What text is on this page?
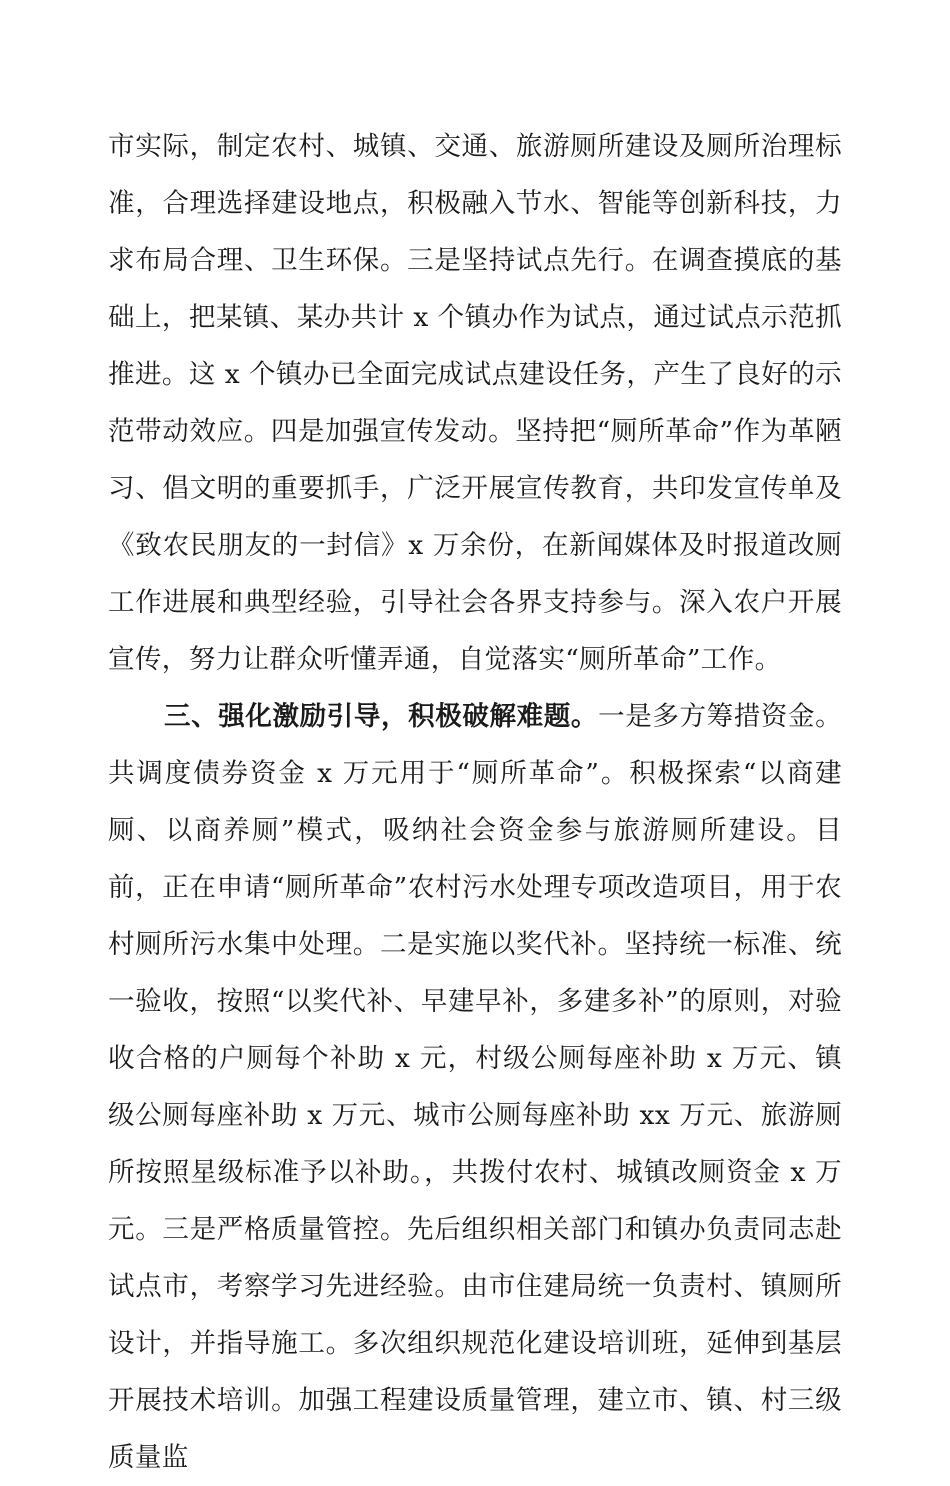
市实际，制定农村、城镇、交通、旅游厕所建设及厕所治理标准，合理选择建设地点，积极融入节水、智能等创新科技，力求布局合理、卫生环保。三是坚持试点先行。在调查摸底的基础上，把某镇、某办共计 x 个镇办作为试点，通过试点示范抓推进。这 x 个镇办已全面完成试点建设任务，产生了良好的示范带动效应。四是加强宣传发动。坚持把“厕所革命”作为革陋习、倡文明的重要抓手，广泛开展宣传教育，共印发宣传单及《致农民朋友的一封信》x 万余份，在新闻媒体及时报道改厕工作进展和典型经验，引导社会各界支持参与。深入农户开展宣传，努力让群众听懂弄通，自觉落实“厕所革命”工作。

三、强化激励引导，积极破解难题。一是多方筹措资金。共调度债券资金 x 万元用于“厕所革命”。积极探索“以商建厕、以商养厕”模式，吸纳社会资金参与旅游厕所建设。目前，正在申请“厕所革命”农村污水处理专项改造项目，用于农村厕所污水集中处理。二是实施以奖代补。坚持统一标准、统一验收，按照“以奖代补、早建早补，多建多补”的原则，对验收合格的户厕每个补助 x 元，村级公厕每座补助 x 万元、镇级公厕每座补助 x 万元、城市公厕每座补助 xx 万元、旅游厕所按照星级标准予以补助。，共拨付农村、城镇改厕资金 x 万元。三是严格质量管控。先后组织相关部门和镇办负责同志赴试点市，考察学习先进经验。由市住建局统一负责村、镇厕所设计，并指导施工。多次组织规范化建设培训班，延伸到基层开展技术培训。加强工程建设质量管理，建立市、镇、村三级质量监
